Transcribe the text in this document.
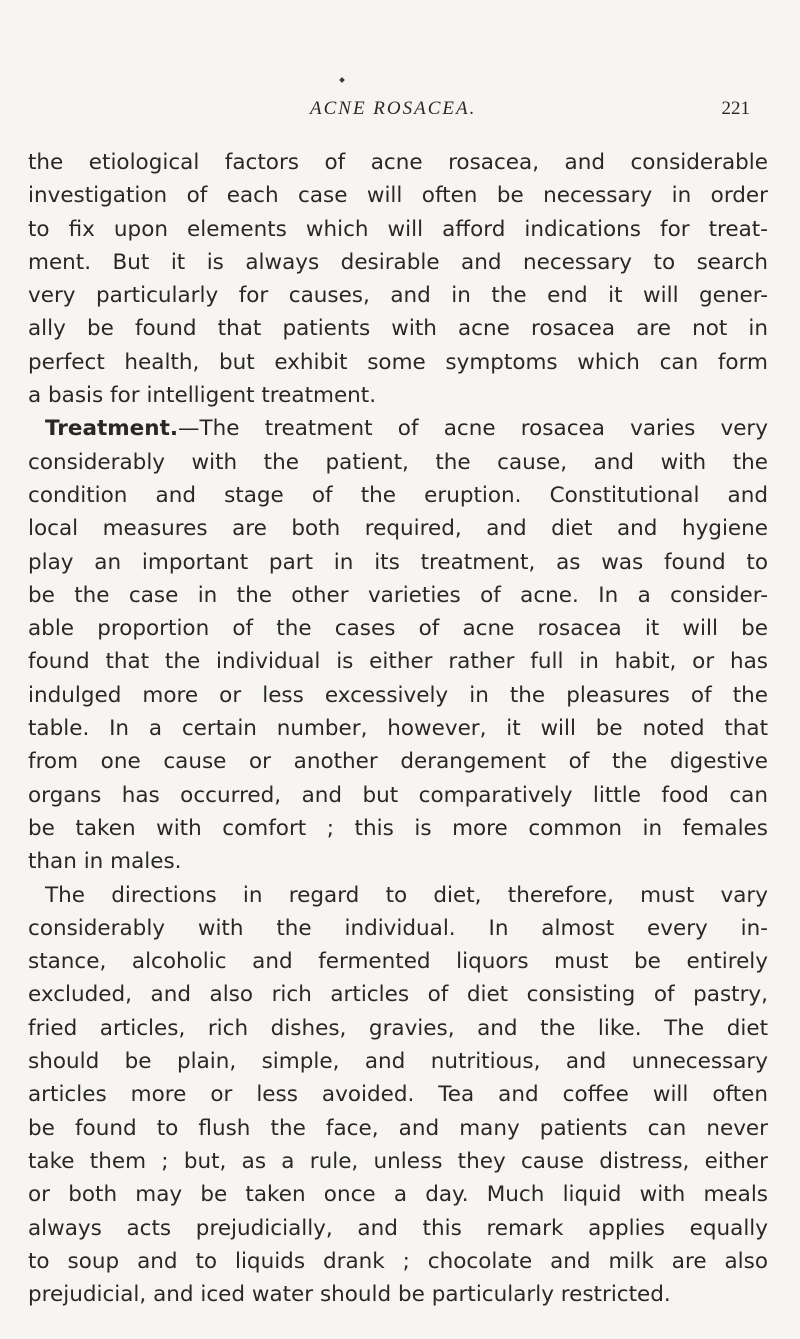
ACNE ROSACEA.	221
the etiological factors of acne rosacea, and considerable
investigation of each case will often be necessary in order
to fix upon elements which will afford indications for treat-
ment. But it is always desirable and necessary to search
very particularly for causes, and in the end it will gener-
ally be found that patients with acne rosacea are not in
perfect health, but exhibit some symptoms which can form
a basis for intelligent treatment.
Treatment.—The treatment of acne rosacea varies very
considerably with the patient, the cause, and with the
condition and stage of the eruption. Constitutional and
local measures are both required, and diet and hygiene
play an important part in its treatment, as was found to
be the case in the other varieties of acne. In a consider-
able proportion of the cases of acne rosacea it will be
found that the individual is either rather full in habit, or has
indulged more or less excessively in the pleasures of the
table. In a certain number, however, it will be noted that
from one cause or another derangement of the digestive
organs has occurred, and but comparatively little food can
be taken with comfort ; this is more common in females
than in males.
The directions in regard to diet, therefore, must vary
considerably with the individual. In almost every in-
stance, alcoholic and fermented liquors must be entirely
excluded, and also rich articles of diet consisting of pastry,
fried articles, rich dishes, gravies, and the like. The diet
should be plain, simple, and nutritious, and unnecessary
articles more or less avoided. Tea and coffee will often
be found to flush the face, and many patients can never
take them ; but, as a rule, unless they cause distress, either
or both may be taken once a day. Much liquid with meals
always acts prejudicially, and this remark applies equally
to soup and to liquids drank ; chocolate and milk are also
prejudicial, and iced water should be particularly restricted.
